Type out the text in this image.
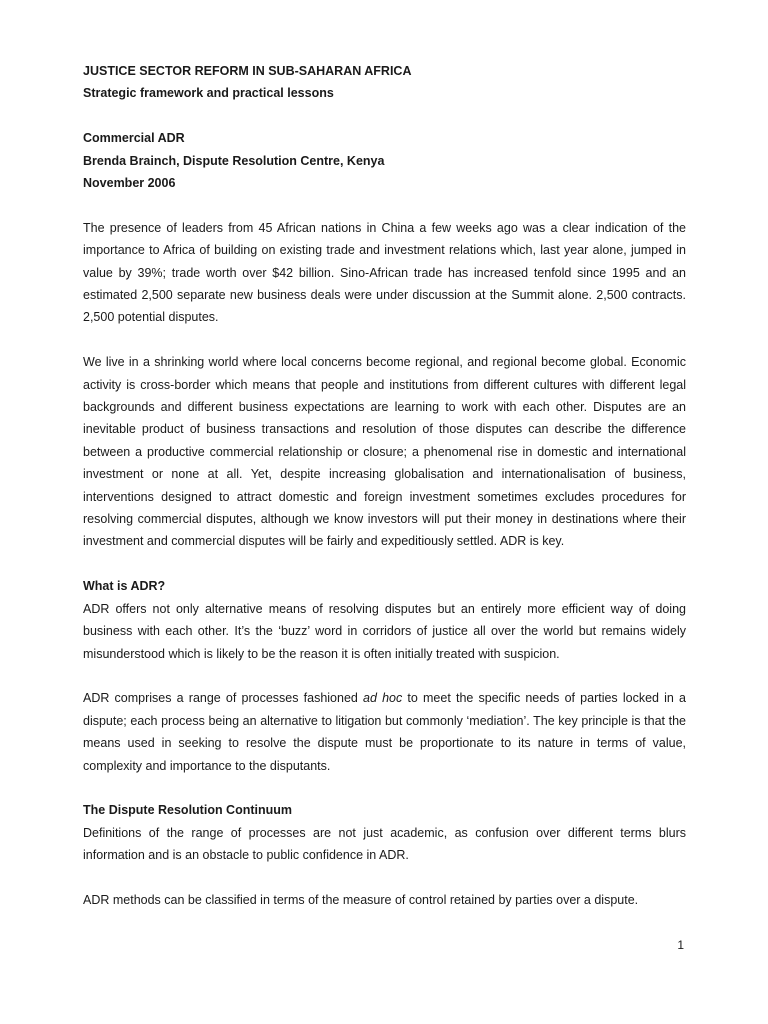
JUSTICE SECTOR REFORM IN SUB-SAHARAN AFRICA

Strategic framework and practical lessons

Commercial ADR

Brenda Brainch, Dispute Resolution Centre, Kenya

November 2006

The presence of leaders from 45 African nations in China a few weeks ago was a clear indication of the importance to Africa of building on existing trade and investment relations which, last year alone, jumped in value by 39%; trade worth over $42 billion. Sino-African trade has increased tenfold since 1995 and an estimated 2,500 separate new business deals were under discussion at the Summit alone. 2,500 contracts. 2,500 potential disputes.

We live in a shrinking world where local concerns become regional, and regional become global. Economic activity is cross-border which means that people and institutions from different cultures with different legal backgrounds and different business expectations are learning to work with each other. Disputes are an inevitable product of business transactions and resolution of those disputes can describe the difference between a productive commercial relationship or closure; a phenomenal rise in domestic and international investment or none at all. Yet, despite increasing globalisation and internationalisation of business, interventions designed to attract domestic and foreign investment sometimes excludes procedures for resolving commercial disputes, although we know investors will put their money in destinations where their investment and commercial disputes will be fairly and expeditiously settled. ADR is key.

What is ADR?

ADR offers not only alternative means of resolving disputes but an entirely more efficient way of doing business with each other. It’s the ‘buzz’ word in corridors of justice all over the world but remains widely misunderstood which is likely to be the reason it is often initially treated with suspicion.

ADR comprises a range of processes fashioned ad hoc to meet the specific needs of parties locked in a dispute; each process being an alternative to litigation but commonly ‘mediation’. The key principle is that the means used in seeking to resolve the dispute must be proportionate to its nature in terms of value, complexity and importance to the disputants.

The Dispute Resolution Continuum

Definitions of the range of processes are not just academic, as confusion over different terms blurs information and is an obstacle to public confidence in ADR.

ADR methods can be classified in terms of the measure of control retained by parties over a dispute.

1
